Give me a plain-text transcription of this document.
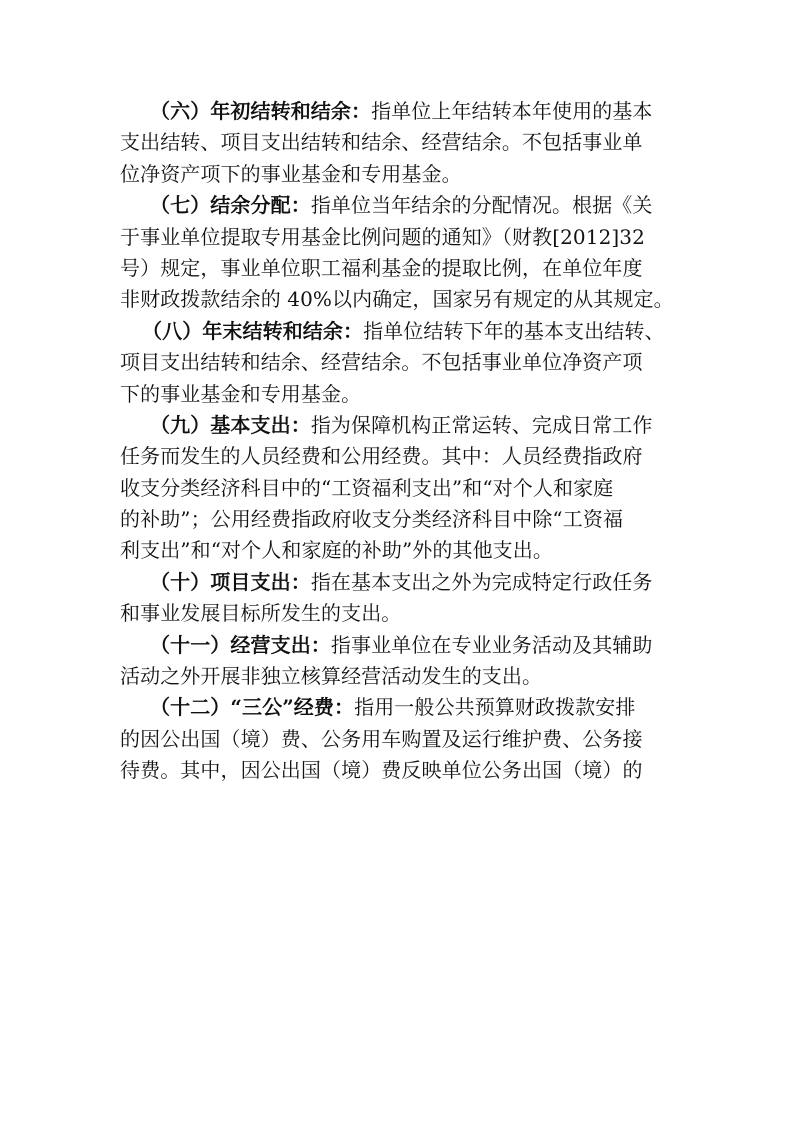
（六）年初结转和结余：指单位上年结转本年使用的基本
支出结转、项目支出结转和结余、经营结余。不包括事业单
位净资产项下的事业基金和专用基金。
（七）结余分配：指单位当年结余的分配情况。根据《关
于事业单位提取专用基金比例问题的通知》（财教[2012]32
号）规定，事业单位职工福利基金的提取比例，在单位年度
非财政拨款结余的 40%以内确定，国家另有规定的从其规定。
（八）年末结转和结余：指单位结转下年的基本支出结转、
项目支出结转和结余、经营结余。不包括事业单位净资产项
下的事业基金和专用基金。
（九）基本支出：指为保障机构正常运转、完成日常工作
任务而发生的人员经费和公用经费。其中：人员经费指政府
收支分类经济科目中的“工资福利支出”和“对个人和家庭
的补助”；公用经费指政府收支分类经济科目中除“工资福
利支出”和“对个人和家庭的补助”外的其他支出。
（十）项目支出：指在基本支出之外为完成特定行政任务
和事业发展目标所发生的支出。
（十一）经营支出：指事业单位在专业业务活动及其辅助
活动之外开展非独立核算经营活动发生的支出。
（十二）“三公”经费：指用一般公共预算财政拨款安排
的因公出国（境）费、公务用车购置及运行维护费、公务接
待费。其中，因公出国（境）费反映单位公务出国（境）的
